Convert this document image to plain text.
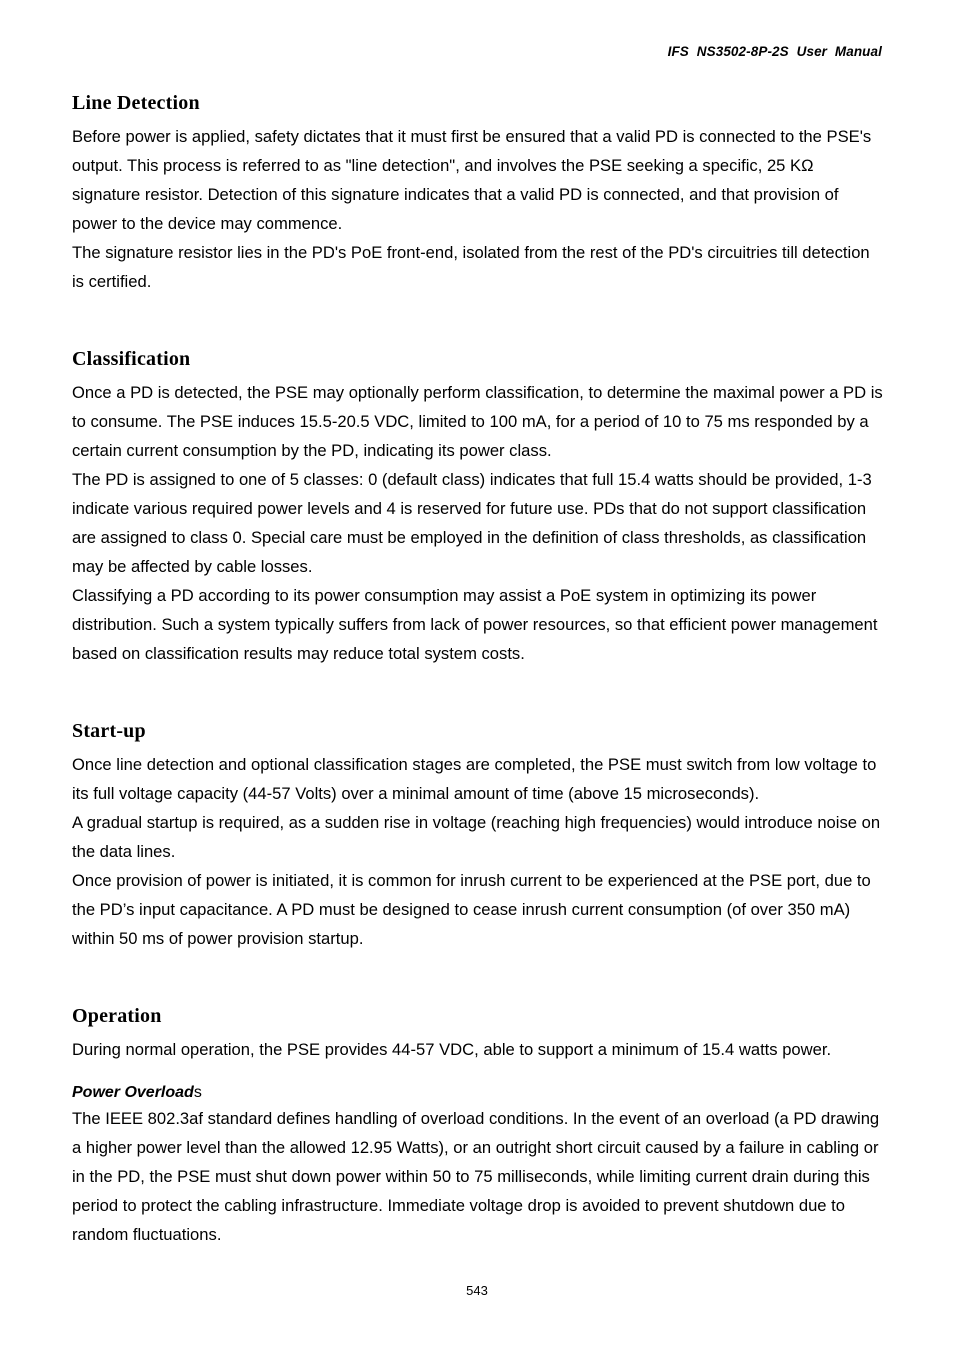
IFS NS3502-8P-2S User Manual
Line Detection

Before power is applied, safety dictates that it must first be ensured that a valid PD is connected to the PSE's output. This process is referred to as "line detection", and involves the PSE seeking a specific, 25 KΩ signature resistor. Detection of this signature indicates that a valid PD is connected, and that provision of power to the device may commence.

The signature resistor lies in the PD's PoE front-end, isolated from the rest of the PD's circuitries till detection is certified.

Classification

Once a PD is detected, the PSE may optionally perform classification, to determine the maximal power a PD is to consume. The PSE induces 15.5-20.5 VDC, limited to 100 mA, for a period of 10 to 75 ms responded by a certain current consumption by the PD, indicating its power class.

The PD is assigned to one of 5 classes: 0 (default class) indicates that full 15.4 watts should be provided, 1-3 indicate various required power levels and 4 is reserved for future use. PDs that do not support classification are assigned to class 0. Special care must be employed in the definition of class thresholds, as classification may be affected by cable losses.

Classifying a PD according to its power consumption may assist a PoE system in optimizing its power distribution. Such a system typically suffers from lack of power resources, so that efficient power management based on classification results may reduce total system costs.

Start-up

Once line detection and optional classification stages are completed, the PSE must switch from low voltage to its full voltage capacity (44-57 Volts) over a minimal amount of time (above 15 microseconds).

A gradual startup is required, as a sudden rise in voltage (reaching high frequencies) would introduce noise on the data lines.

Once provision of power is initiated, it is common for inrush current to be experienced at the PSE port, due to the PD’s input capacitance. A PD must be designed to cease inrush current consumption (of over 350 mA) within 50 ms of power provision startup.

Operation

During normal operation, the PSE provides 44-57 VDC, able to support a minimum of 15.4 watts power.

Power Overloads

The IEEE 802.3af standard defines handling of overload conditions. In the event of an overload (a PD drawing a higher power level than the allowed 12.95 Watts), or an outright short circuit caused by a failure in cabling or in the PD, the PSE must shut down power within 50 to 75 milliseconds, while limiting current drain during this period to protect the cabling infrastructure. Immediate voltage drop is avoided to prevent shutdown due to random fluctuations.

543
